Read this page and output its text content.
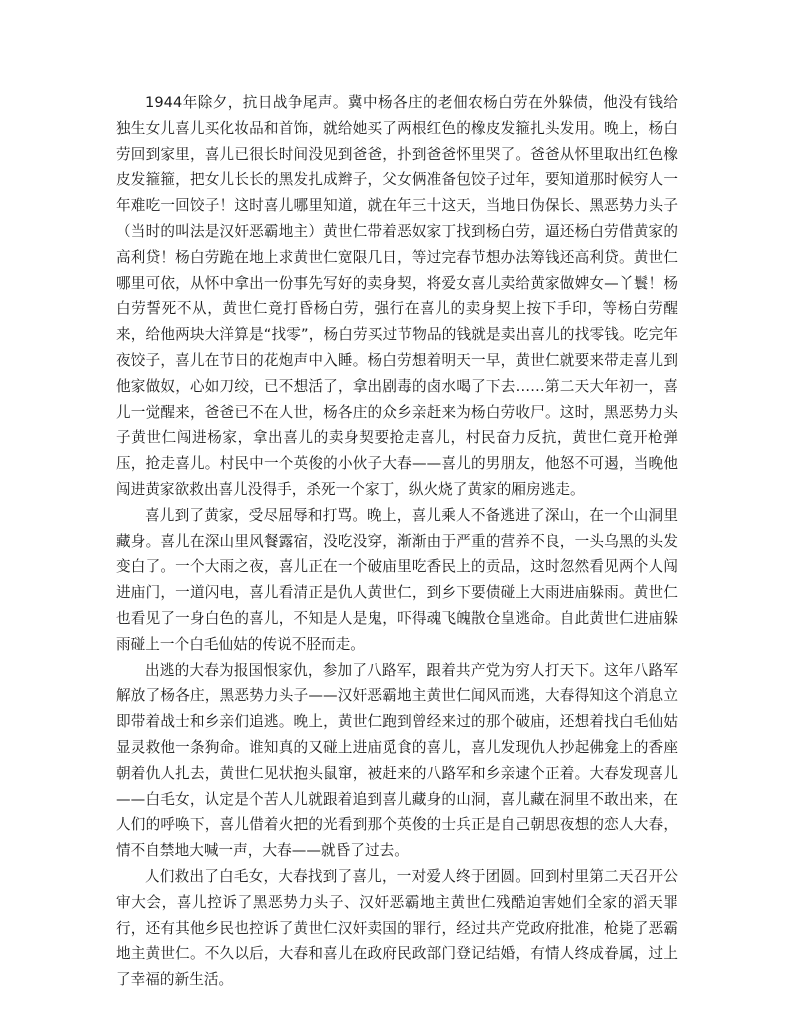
1944年除夕，抗日战争尾声。冀中杨各庄的老佃农杨白劳在外躲债，他没有钱给独生女儿喜儿买化妆品和首饰，就给她买了两根红色的橡皮发箍扎头发用。晚上，杨白劳回到家里，喜儿已很长时间没见到爸爸，扑到爸爸怀里哭了。爸爸从怀里取出红色橡皮发箍箍，把女儿长长的黑发扎成辫子，父女俩准备包饺子过年，要知道那时候穷人一年难吃一回饺子！这时喜儿哪里知道，就在年三十这天，当地日伪保长、黑恶势力头子（当时的叫法是汉奸恶霸地主）黄世仁带着恶奴家丁找到杨白劳，逼还杨白劳借黄家的高利贷！杨白劳跪在地上求黄世仁宽限几日，等过完春节想办法筹钱还高利贷。黄世仁哪里可依，从怀中拿出一份事先写好的卖身契，将爱女喜儿卖给黄家做婢女—丫鬟！杨白劳誓死不从，黄世仁竟打昏杨白劳，强行在喜儿的卖身契上按下手印，等杨白劳醒来，给他两块大洋算是“找零”，杨白劳买过节物品的钱就是卖出喜儿的找零钱。吃完年夜饺子，喜儿在节日的花炮声中入睡。杨白劳想着明天一早，黄世仁就要来带走喜儿到他家做奴，心如刀绞，已不想活了，拿出剧毒的卤水喝了下去……第二天大年初一，喜儿一觉醒来，爸爸已不在人世，杨各庄的众乡亲赶来为杨白劳收尸。这时，黑恶势力头子黄世仁闯进杨家，拿出喜儿的卖身契要抢走喜儿，村民奋力反抗，黄世仁竟开枪弹压，抢走喜儿。村民中一个英俊的小伙子大春——喜儿的男朋友，他怒不可遏，当晚他闯进黄家欲救出喜儿没得手，杀死一个家丁，纵火烧了黄家的厢房逃走。

喜儿到了黄家，受尽屈辱和打骂。晚上，喜儿乘人不备逃进了深山，在一个山洞里藏身。喜儿在深山里风餐露宿，没吃没穿，渐渐由于严重的营养不良，一头乌黑的头发变白了。一个大雨之夜，喜儿正在一个破庙里吃香民上的贡品，这时忽然看见两个人闯进庙门，一道闪电，喜儿看清正是仇人黄世仁，到乡下要债碰上大雨进庙躲雨。黄世仁也看见了一身白色的喜儿，不知是人是鬼，吓得魂飞魄散仓皇逃命。自此黄世仁进庙躲雨碰上一个白毛仙姑的传说不胫而走。

出逃的大春为报国恨家仇，参加了八路军，跟着共产党为穷人打天下。这年八路军解放了杨各庄，黑恶势力头子——汉奸恶霸地主黄世仁闻风而逃，大春得知这个消息立即带着战士和乡亲们追逃。晚上，黄世仁跑到曾经来过的那个破庙，还想着找白毛仙姑显灵救他一条狗命。谁知真的又碰上进庙觅食的喜儿，喜儿发现仇人抄起佛龛上的香座朝着仇人扎去，黄世仁见状抱头鼠窜，被赶来的八路军和乡亲逮个正着。大春发现喜儿——白毛女，认定是个苦人儿就跟着追到喜儿藏身的山洞，喜儿藏在洞里不敢出来，在人们的呼唤下，喜儿借着火把的光看到那个英俊的士兵正是自己朝思夜想的恋人大春，情不自禁地大喊一声，大春——就昏了过去。

人们救出了白毛女，大春找到了喜儿，一对爱人终于团圆。回到村里第二天召开公审大会，喜儿控诉了黑恶势力头子、汉奸恶霸地主黄世仁残酷迫害她们全家的滔天罪行，还有其他乡民也控诉了黄世仁汉奸卖国的罪行，经过共产党政府批准，枪毙了恶霸地主黄世仁。不久以后，大春和喜儿在政府民政部门登记结婚，有情人终成眷属，过上了幸福的新生活。
